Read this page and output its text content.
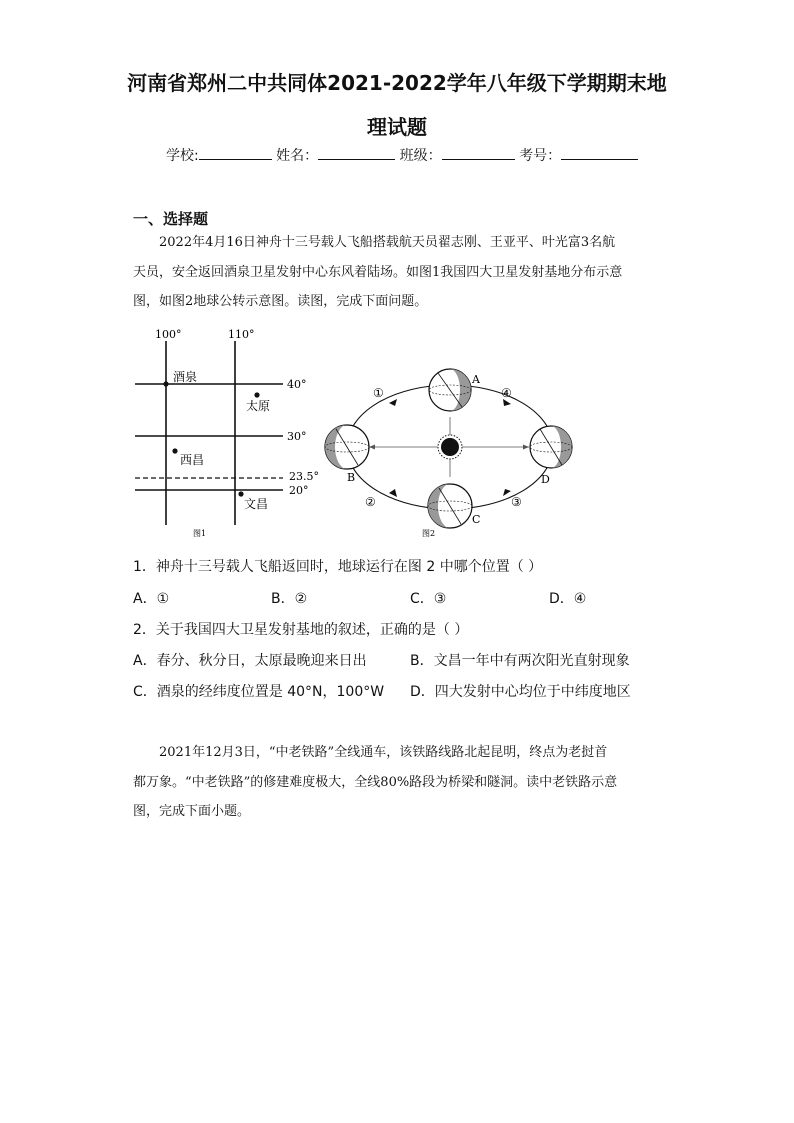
河南省郑州二中共同体2021-2022学年八年级下学期期末地
理试题
学校:	姓名：	班级：	考号：
一、选择题
2022年4月16日神舟十三号载人飞船搭载航天员翟志刚、王亚平、叶光富3名航
天员，安全返回酒泉卫星发射中心东风着陆场。如图1我国四大卫星发射基地分布示意
图，如图2地球公转示意图。读图，完成下面问题。
100°	110°
40°
30°
23.5°
20°
酒泉
太原
西昌
文昌
图1
A
B
C
D
①
②	③
④
图2
1．神舟十三号载人飞船返回时，地球运行在图 2 中哪个位置（ ）
A．①	B．②	C．③	D．④
2．关于我国四大卫星发射基地的叙述，正确的是（ ）
A．春分、秋分日，太原最晚迎来日出	B．文昌一年中有两次阳光直射现象
C．酒泉的经纬度位置是 40°N，100°W D．四大发射中心均位于中纬度地区
2021年12月3日，“中老铁路”全线通车，该铁路线路北起昆明，终点为老挝首
都万象。“中老铁路”的修建难度极大，全线80%路段为桥梁和隧洞。读中老铁路示意
图，完成下面小题。
